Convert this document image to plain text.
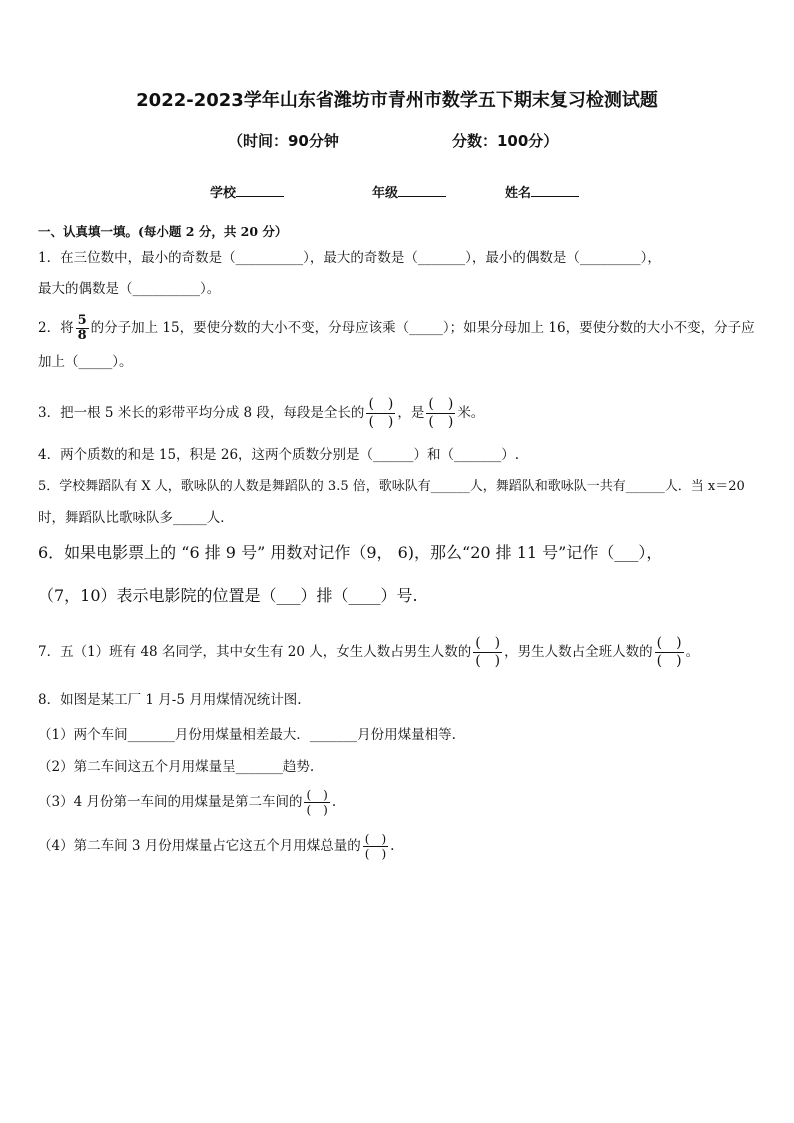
2022-2023学年山东省潍坊市青州市数学五下期末复习检测试题
（时间：90分钟	分数：100分）
学校	年级	姓名
一、认真填一填。(每小题 2 分，共 20 分）
1．在三位数中，最小的奇数是（__________），最大的奇数是（_______），最小的偶数是（_________），
最大的偶数是（__________）。
2．将 $\frac{5}{8}$ 的分子加上 15，要使分数的大小不变，分母应该乘（_____）；如果分母加上 16，要使分数的大小不变，分子应
加上（_____）。
3．把一根 5 米长的彩带平均分成 8 段，每段是全长的 $\frac{( )}{( )}$ ，是 $\frac{( )}{( )}$ 米。
4．两个质数的和是 15，积是 26，这两个质数分别是（______）和（_______）.
5．学校舞蹈队有 X 人，歌咏队的人数是舞蹈队的 3.5 倍，歌咏队有______人，舞蹈队和歌咏队一共有______人．当 x＝20
时，舞蹈队比歌咏队多_____人．
6．如果电影票上的 “6 排 9 号” 用数对记作（9， 6)，那么“20 排 11 号”记作（___），
（7，10）表示电影院的位置是（___）排（____）号.
7．五（1）班有 48 名同学，其中女生有 20 人，女生人数占男生人数的 $\frac{( )}{( )}$ ，男生人数占全班人数的 $\frac{( )}{( )}$ 。
8．如图是某工厂 1 月-5 月用煤情况统计图.
（1）两个车间_______月份用煤量相差最大．_______月份用煤量相等.
（2）第二车间这五个月用煤量呈_______趋势.
（3）4 月份第一车间的用煤量是第二车间的 $\frac{( )}{( )}$ .
（4）第二车间 3 月份用煤量占它这五个月用煤总量的 $\frac{( )}{( )}$ .
